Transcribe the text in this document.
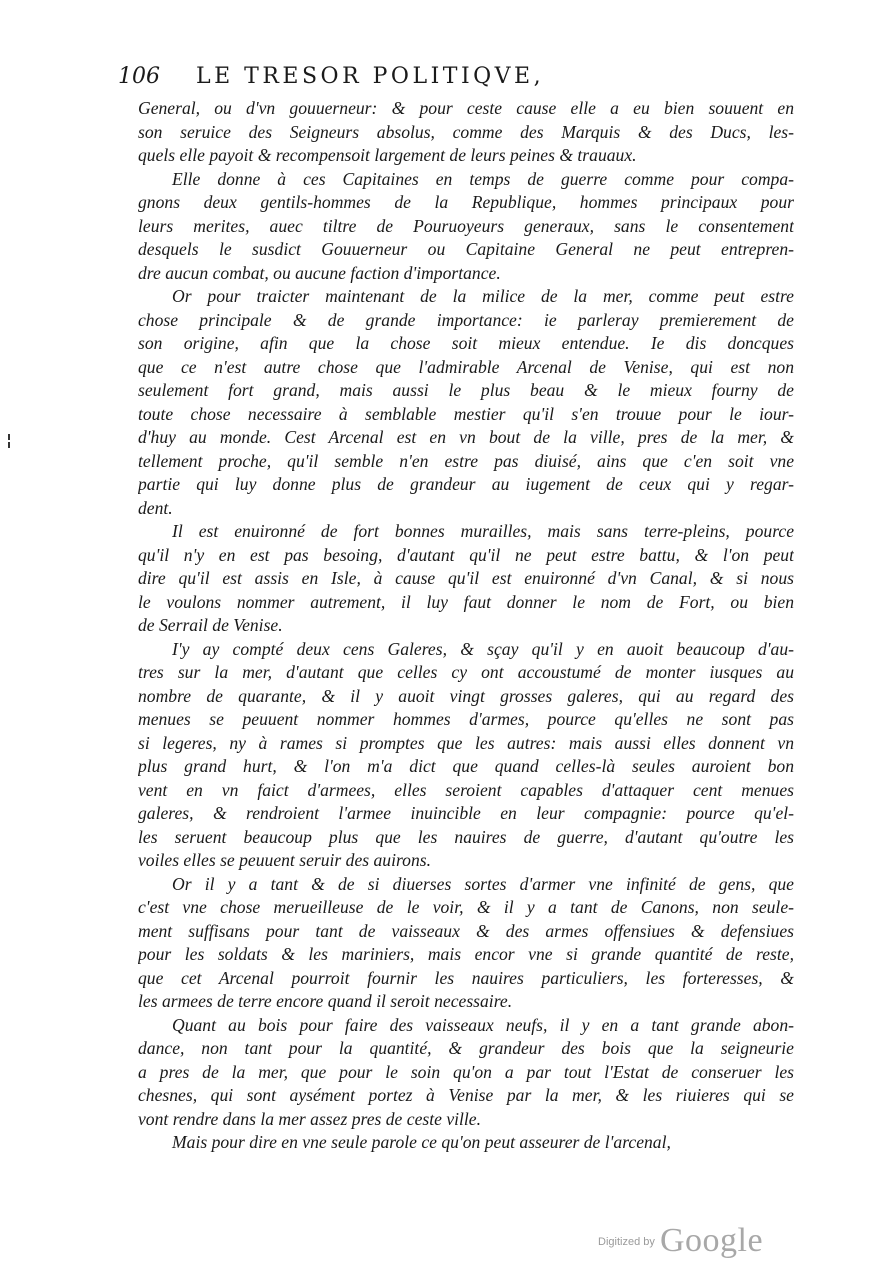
106 LE TRESOR POLITIQVE,
General, ou d'vn gouuerneur: & pour ceste cause elle a eu bien souuent en
son seruice des Seigneurs absolus, comme des Marquis & des Ducs, les-
quels elle payoit & recompensoit largement de leurs peines & trauaux.
Elle donne à ces Capitaines en temps de guerre comme pour compa-
gnons deux gentils-hommes de la Republique, hommes principaux pour
leurs merites, auec tiltre de Pouruoyeurs generaux, sans le consentement
desquels le susdict Gouuerneur ou Capitaine General ne peut entrepren-
dre aucun combat, ou aucune faction d'importance.
Or pour traicter maintenant de la milice de la mer, comme peut estre
chose principale & de grande importance: ie parleray premierement de
son origine, afin que la chose soit mieux entendue. Ie dis doncques
que ce n'est autre chose que l'admirable Arcenal de Venise, qui est non
seulement fort grand, mais aussi le plus beau & le mieux fourny de
toute chose necessaire à semblable mestier qu'il s'en trouue pour le iour-
d'huy au monde. Cest Arcenal est en vn bout de la ville, pres de la mer, &
tellement proche, qu'il semble n'en estre pas diuisé, ains que c'en soit vne
partie qui luy donne plus de grandeur au iugement de ceux qui y regar-
dent.
Il est enuironné de fort bonnes murailles, mais sans terre-pleins, pource
qu'il n'y en est pas besoing, d'autant qu'il ne peut estre battu, & l'on peut
dire qu'il est assis en Isle, à cause qu'il est enuironné d'vn Canal, & si nous
le voulons nommer autrement, il luy faut donner le nom de Fort, ou bien
de Serrail de Venise.
I'y ay compté deux cens Galeres, & sçay qu'il y en auoit beaucoup d'au-
tres sur la mer, d'autant que celles cy ont accoustumé de monter iusques au
nombre de quarante, & il y auoit vingt grosses galeres, qui au regard des
menues se peuuent nommer hommes d'armes, pource qu'elles ne sont pas
si legeres, ny à rames si promptes que les autres: mais aussi elles donnent vn
plus grand hurt, & l'on m'a dict que quand celles-là seules auroient bon
vent en vn faict d'armees, elles seroient capables d'attaquer cent menues
galeres, & rendroient l'armee inuincible en leur compagnie: pource qu'el-
les seruent beaucoup plus que les nauires de guerre, d'autant qu'outre les
voiles elles se peuuent seruir des auirons.
Or il y a tant & de si diuerses sortes d'armer vne infinité de gens, que
c'est vne chose merueilleuse de le voir, & il y a tant de Canons, non seule-
ment suffisans pour tant de vaisseaux & des armes offensiues & defensiues
pour les soldats & les mariniers, mais encor vne si grande quantité de reste,
que cet Arcenal pourroit fournir les nauires particuliers, les forteresses, &
les armees de terre encore quand il seroit necessaire.
Quant au bois pour faire des vaisseaux neufs, il y en a tant grande abon-
dance, non tant pour la quantité, & grandeur des bois que la seigneurie
a pres de la mer, que pour le soin qu'on a par tout l'Estat de conseruer les
chesnes, qui sont aysément portez à Venise par la mer, & les riuieres qui se
vont rendre dans la mer assez pres de ceste ville.
Mais pour dire en vne seule parole ce qu'on peut asseurer de l'arcenal,
$^{Digitized by}$ Google
